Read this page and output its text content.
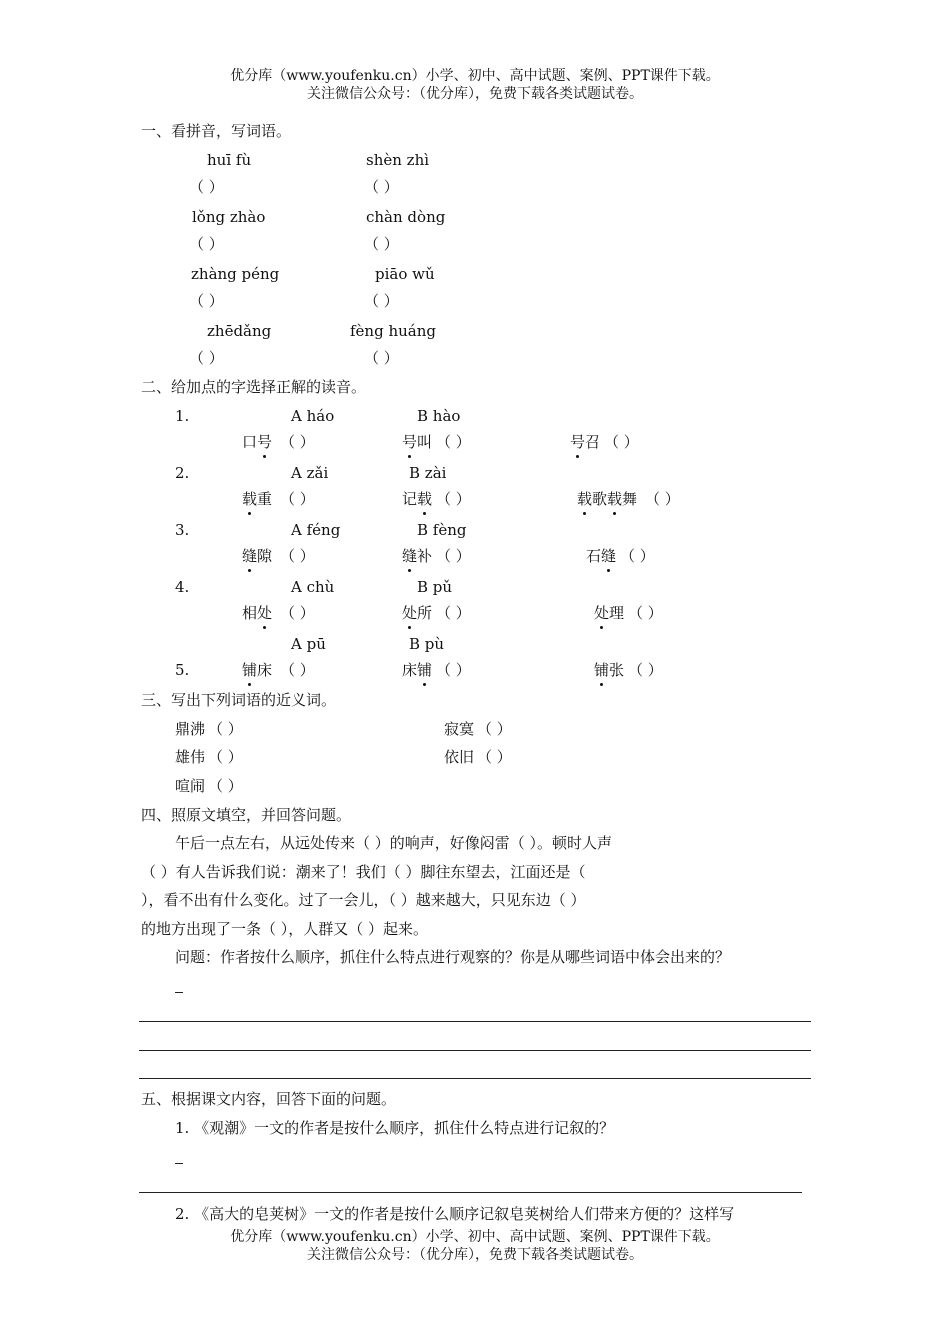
优分库（www.youfenku.cn）小学、初中、高中试题、案例、PPT课件下载。
关注微信公众号：（优分库），免费下载各类试题试卷。
一、看拼音，写词语。
huī fù	shèn zhì
（ ）	（ ）
lǒng zhào	chàn dòng
（ ）	（ ）
zhàng péng	piāo wǔ
（ ）	（ ）
zhēdǎng	fèng huáng
（ ）	（ ）
二、给加点的字选择正解的读音。
1.	A háo	B hào
口号 （ ）	号叫 （ ）	号召 （ ）
2.	A zǎi	B zài
载重 （ ）	记载 （ ）	载歌载舞 （ ）
3.	A féng	B fèng
缝隙 （ ）	缝补 （ ）	石缝 （ ）
4.	A chù	B pǔ
相处 （ ）	处所 （ ）	处理 （ ）
A pū	B pù
5.	铺床 （ ）	床铺 （ ）	铺张 （ ）
三、写出下列词语的近义词。
鼎沸 （ ）	寂寞 （ ）
雄伟 （ ）	依旧 （ ）
喧闹 （ ）
四、照原文填空，并回答问题。
午后一点左右，从远处传来（ ）的响声，好像闷雷（ ）。顿时人声
（ ）有人告诉我们说：潮来了！我们（ ）脚往东望去，江面还是（
），看不出有什么变化。过了一会儿，（ ）越来越大，只见东边（ ）
的地方出现了一条（ ），人群又（ ）起来。
问题：作者按什么顺序，抓住什么特点进行观察的？你是从哪些词语中体会出来的？
五、根据课文内容，回答下面的问题。
1. 《观潮》一文的作者是按什么顺序，抓住什么特点进行记叙的？
2. 《高大的皂荚树》一文的作者是按什么顺序记叙皂荚树给人们带来方便的？这样写
优分库（www.youfenku.cn）小学、初中、高中试题、案例、PPT课件下载。
关注微信公众号：（优分库），免费下载各类试题试卷。
